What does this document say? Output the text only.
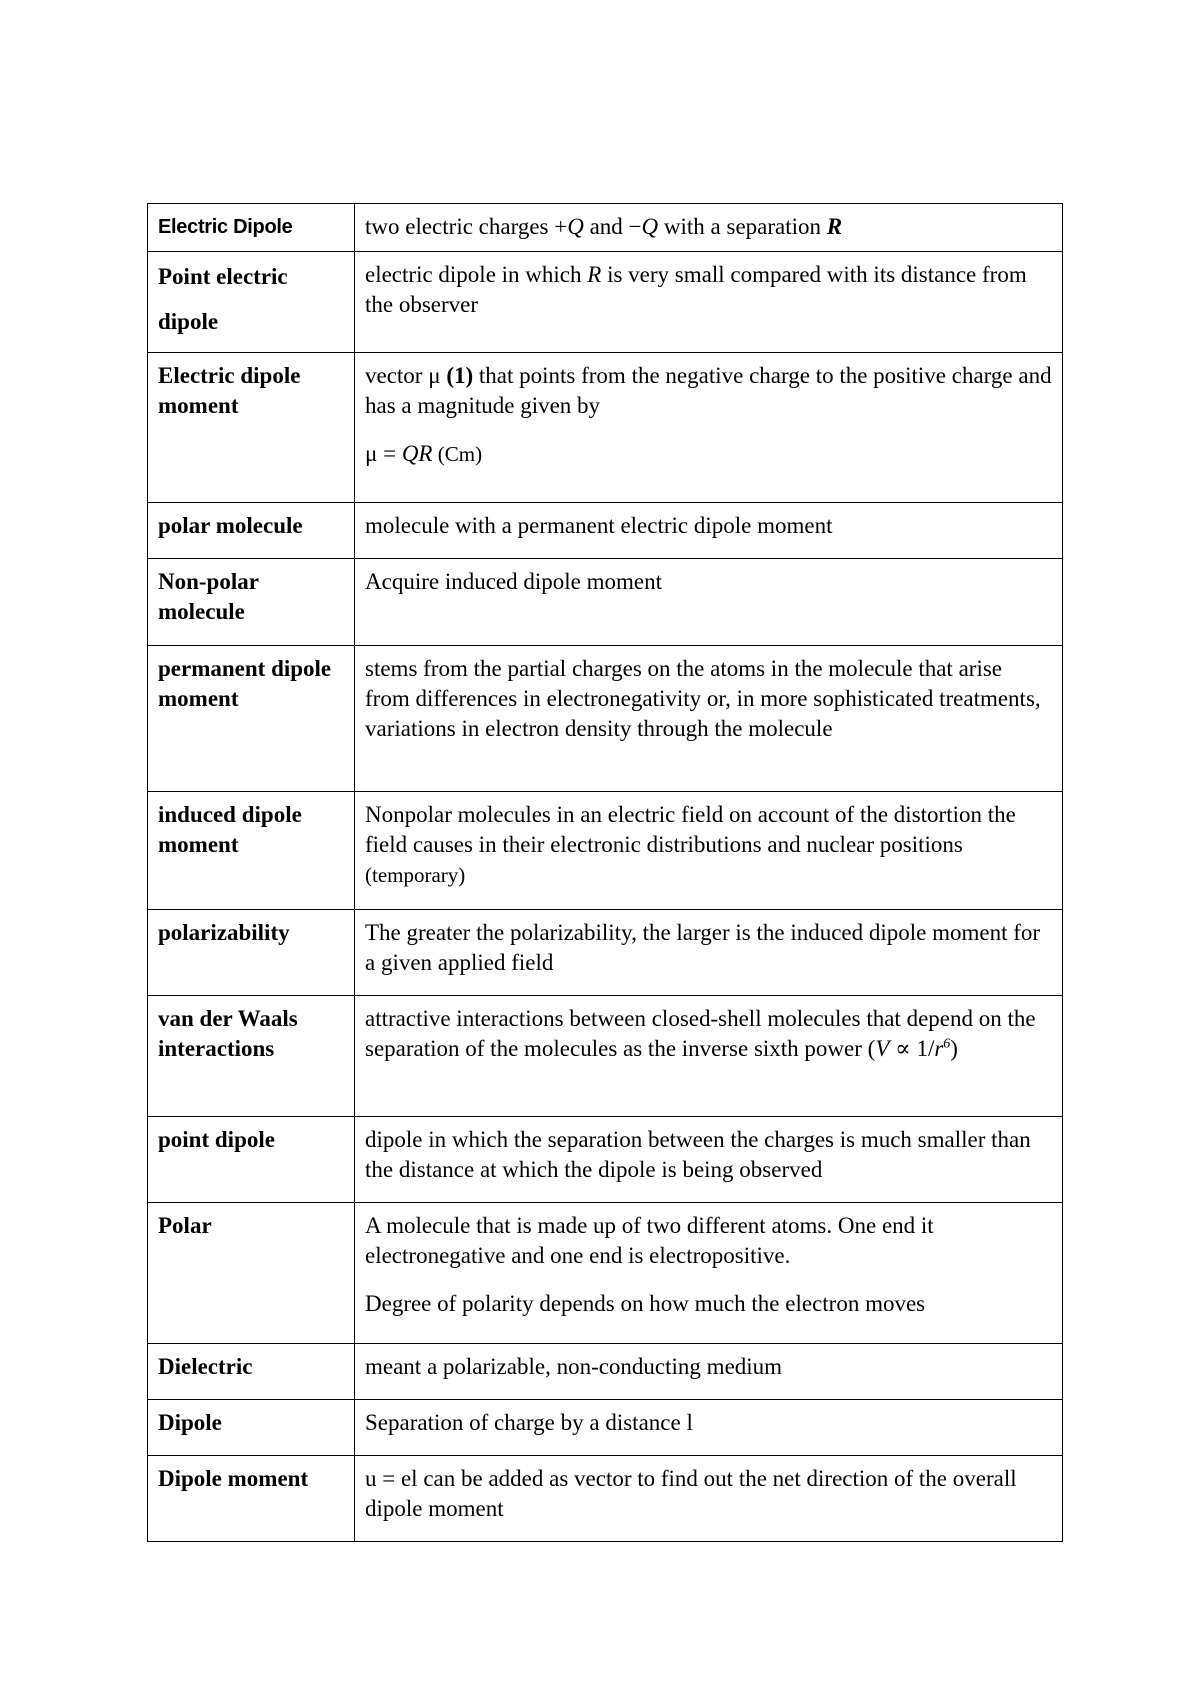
Electric Dipole	two electric charges +Q and −Q with a separation R
Point electric
dipole	electric dipole in which R is very small compared with its distance from the observer
Electric dipole moment	vector μ (1) that points from the negative charge to the positive charge and has a magnitude given by
μ = QR (Cm)

polar molecule	molecule with a permanent electric dipole moment
Non-polar molecule	Acquire induced dipole moment
permanent dipole moment	stems from the partial charges on the atoms in the molecule that arise from differences in electronegativity or, in more sophisticated treatments, variations in electron density through the molecule
induced dipole moment	Nonpolar molecules in an electric field on account of the distortion the field causes in their electronic distributions and nuclear positions (temporary)
polarizability	The greater the polarizability, the larger is the induced dipole moment for a given applied field
van der Waals interactions	attractive interactions between closed-shell molecules that depend on the separation of the molecules as the inverse sixth power $(V \propto 1/r^6)$
point dipole	dipole in which the separation between the charges is much smaller than the distance at which the dipole is being observed
Polar	A molecule that is made up of two different atoms. One end it electronegative and one end is electropositive.
Degree of polarity depends on how much the electron moves

Dielectric	meant a polarizable, non-conducting medium
Dipole	Separation of charge by a distance l
Dipole moment	u = el can be added as vector to find out the net direction of the overall dipole moment
